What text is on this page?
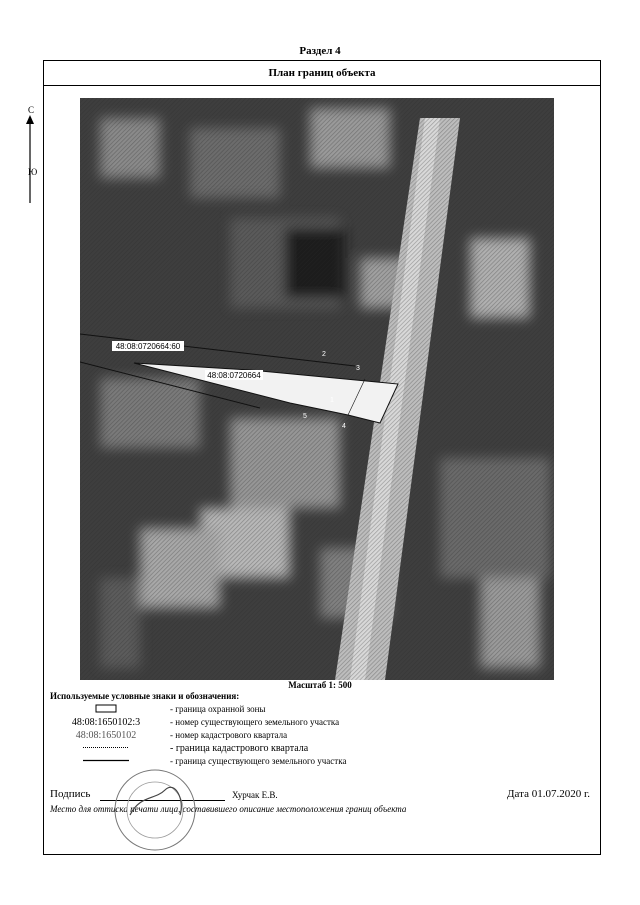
Раздел 4
План границ объекта
48:08:0720664:60
48:08:0720664
2
3
4
5
1
С
Ю
Масштаб 1: 500
Используемые условные знаки и обозначения:
- граница охранной зоны
48:08:1650102:3	- номер существующего земельного участка
48:08:1650102	- номер кадастрового квартала
- граница кадастрового квартала
- граница существующего земельного участка
Подпись	Хурчак Е.В.	Дата 01.07.2020 г.
Место для оттиска печати лица, составившего описание местоположения границ объекта
